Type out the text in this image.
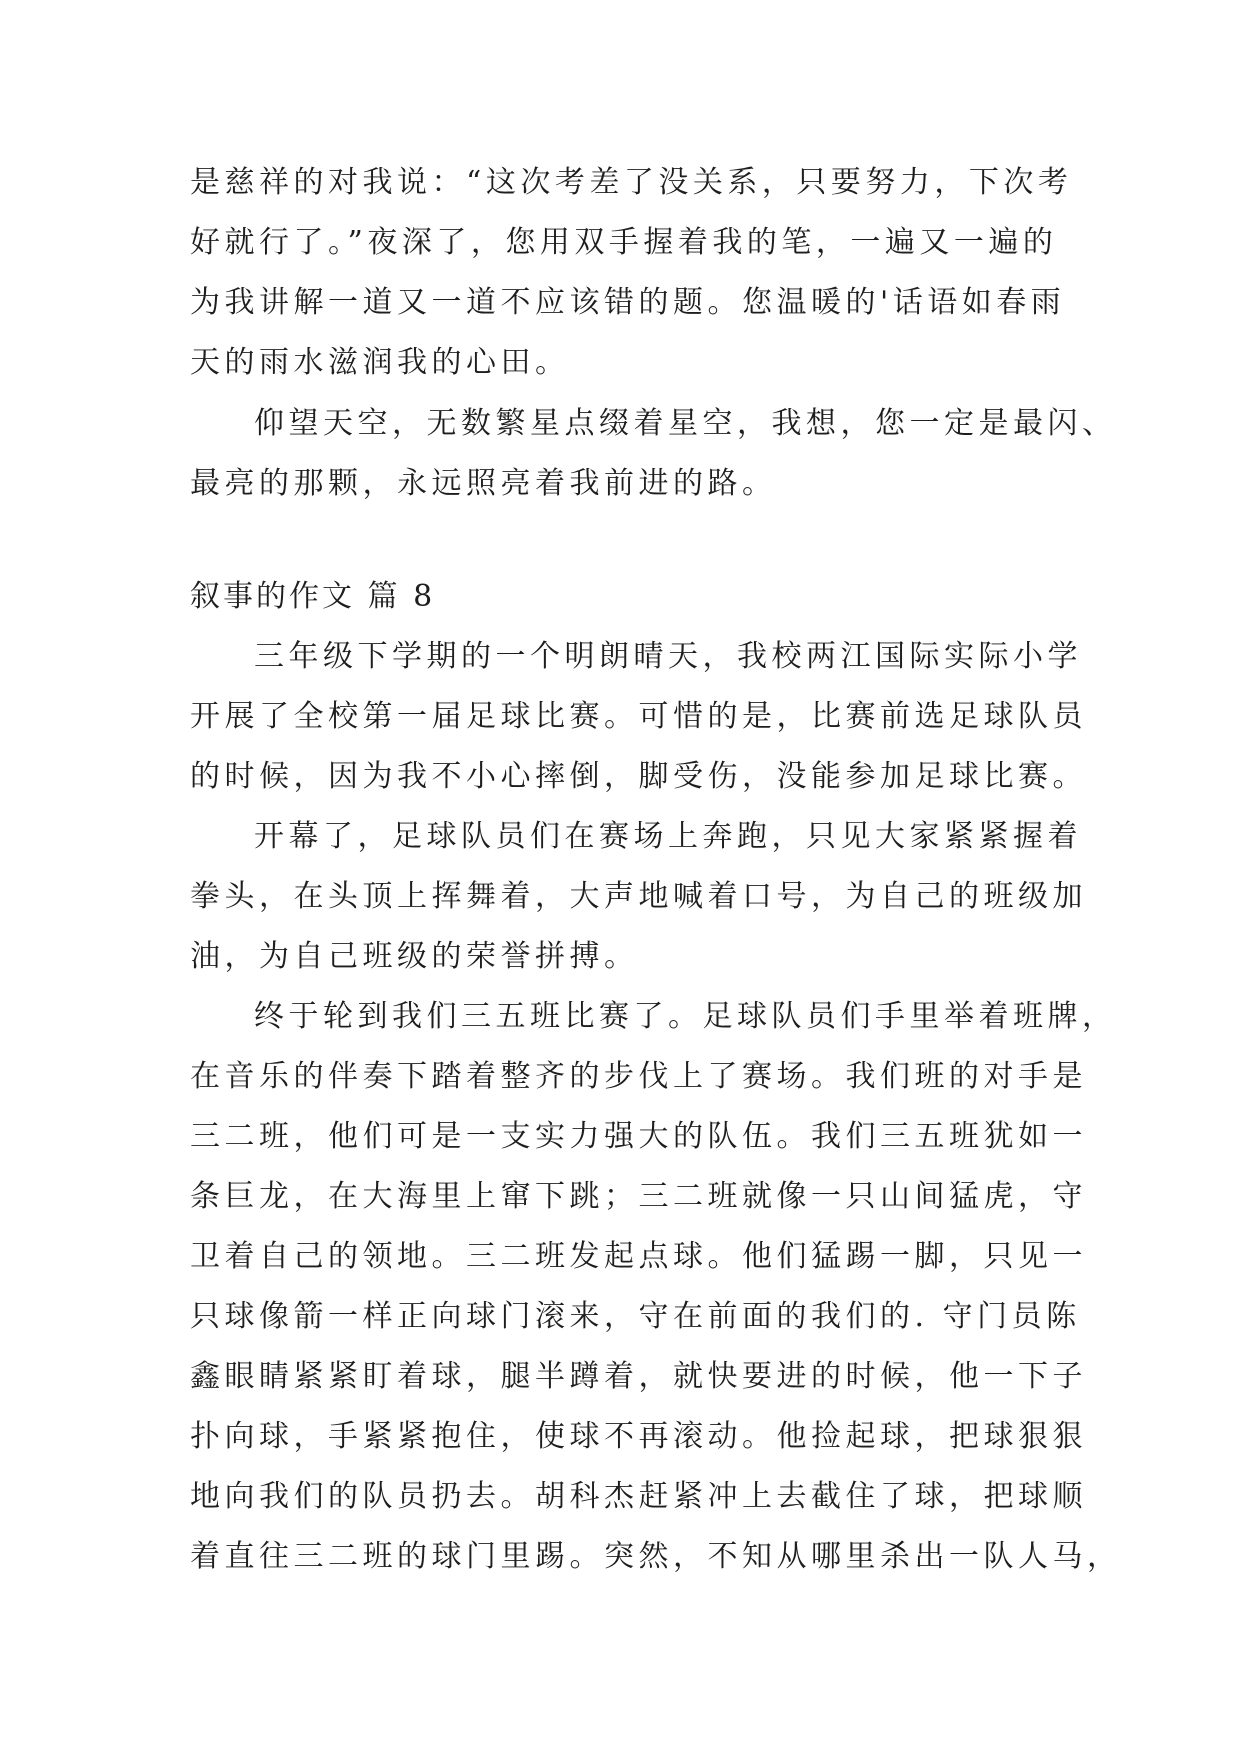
是慈祥的对我说：“这次考差了没关系，只要努力，下次考

好就行了。”夜深了，您用双手握着我的笔，一遍又一遍的

为我讲解一道又一道不应该错的题。您温暖的'话语如春雨

天的雨水滋润我的心田。

仰望天空，无数繁星点缀着星空，我想，您一定是最闪、

最亮的那颗，永远照亮着我前进的路。

叙事的作文 篇 8

三年级下学期的一个明朗晴天，我校两江国际实际小学

开展了全校第一届足球比赛。可惜的是，比赛前选足球队员

的时候，因为我不小心摔倒，脚受伤，没能参加足球比赛。

开幕了，足球队员们在赛场上奔跑，只见大家紧紧握着

拳头，在头顶上挥舞着，大声地喊着口号，为自己的班级加

油，为自己班级的荣誉拼搏。

终于轮到我们三五班比赛了。足球队员们手里举着班牌，

在音乐的伴奏下踏着整齐的步伐上了赛场。我们班的对手是

三二班，他们可是一支实力强大的队伍。我们三五班犹如一

条巨龙，在大海里上窜下跳；三二班就像一只山间猛虎，守

卫着自己的领地。三二班发起点球。他们猛踢一脚，只见一

只球像箭一样正向球门滚来，守在前面的我们的. 守门员陈

鑫眼睛紧紧盯着球，腿半蹲着，就快要进的时候，他一下子

扑向球，手紧紧抱住，使球不再滚动。他捡起球，把球狠狠

地向我们的队员扔去。胡科杰赶紧冲上去截住了球，把球顺

着直往三二班的球门里踢。突然，不知从哪里杀出一队人马，
